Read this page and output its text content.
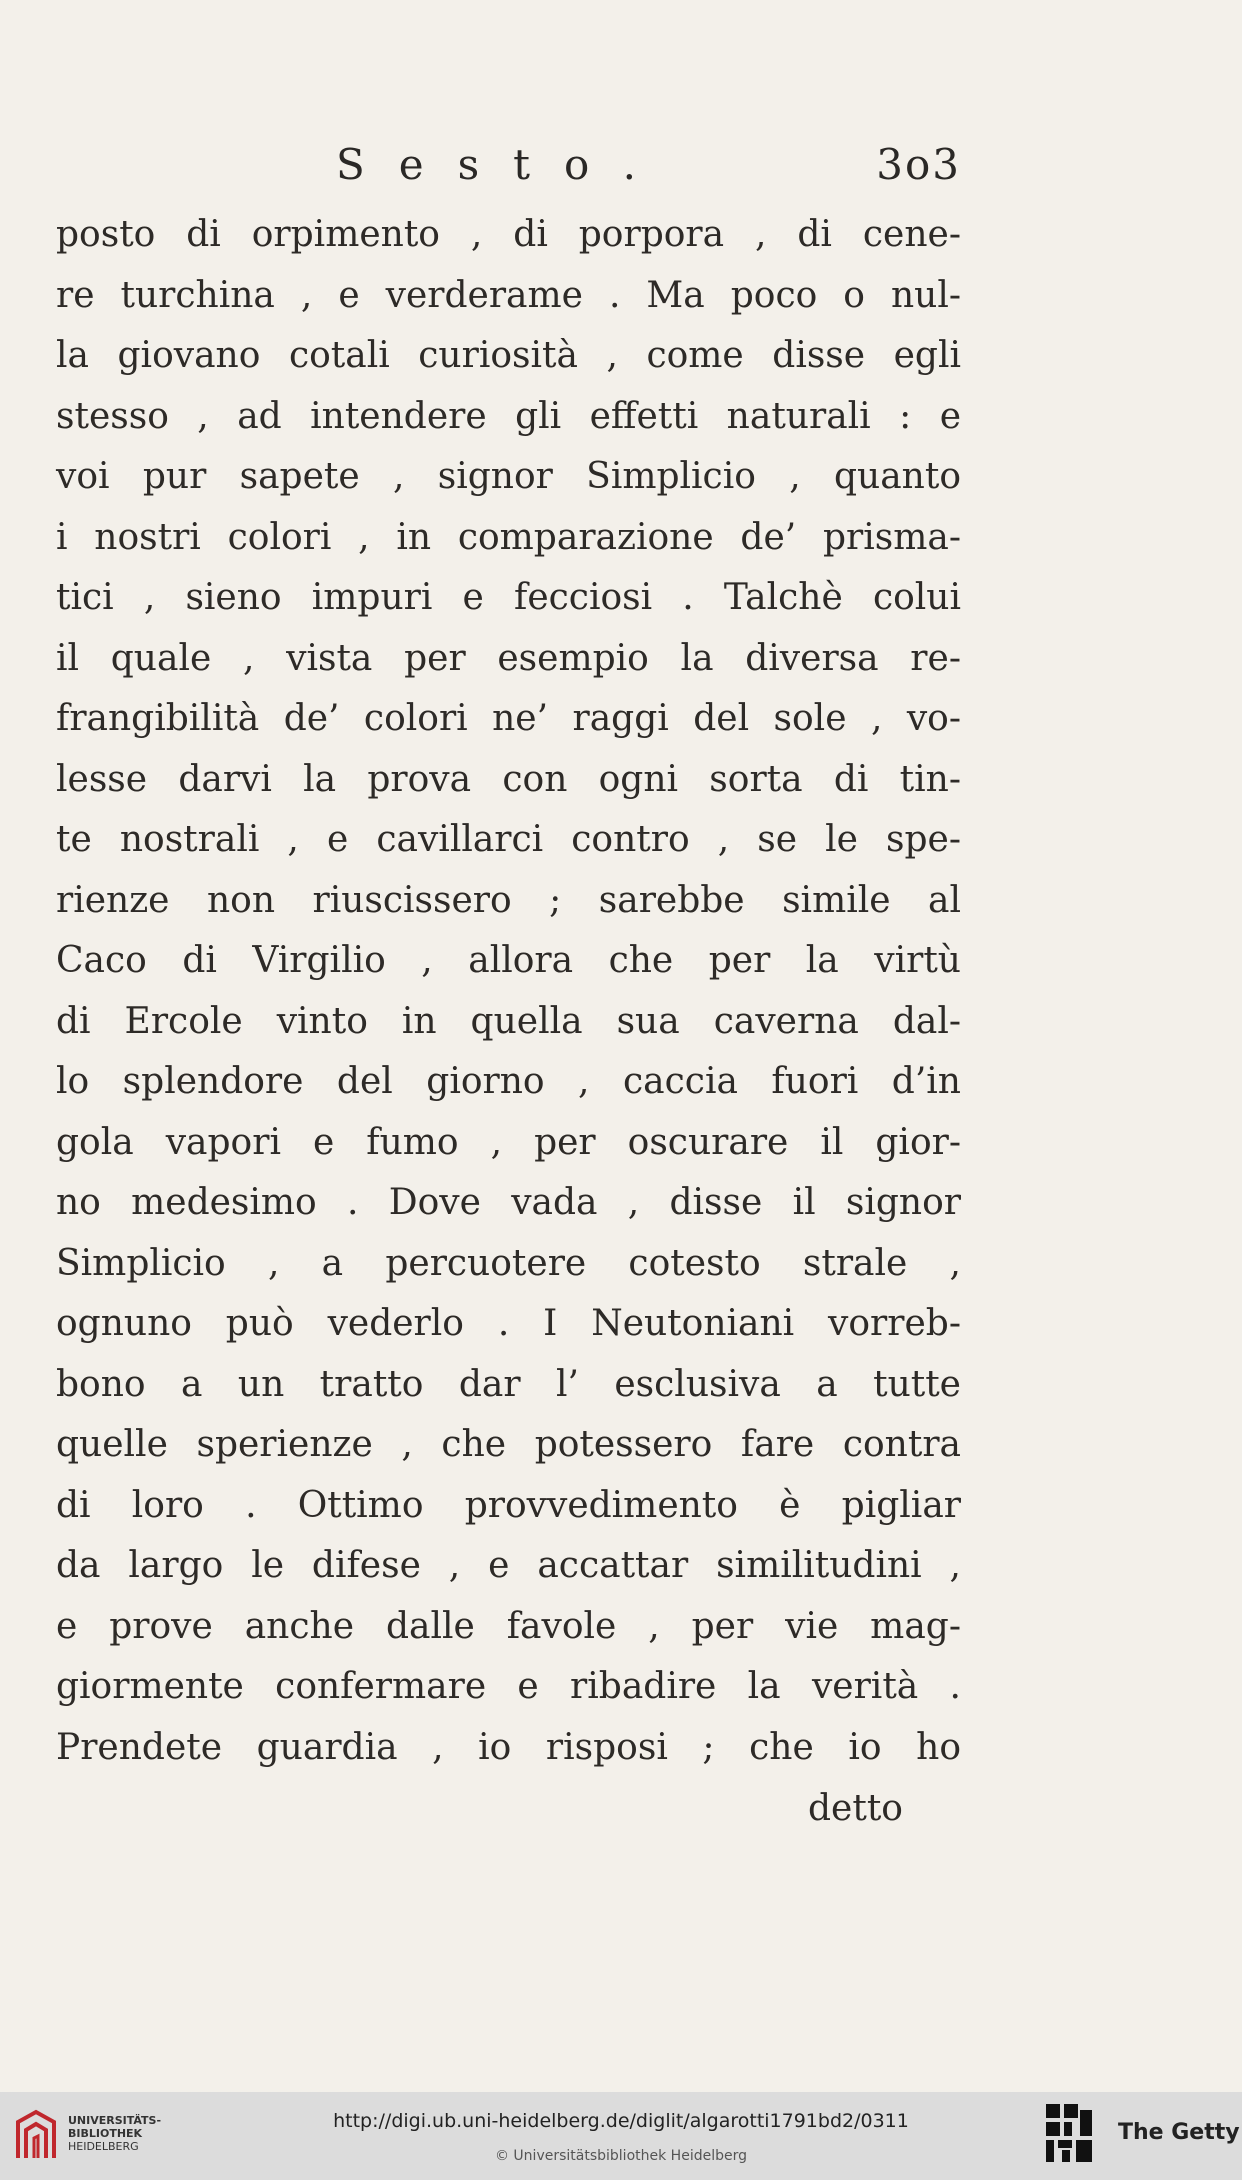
Sesto.	3o3
posto di orpimento , di porpora , di cene-
re turchina , e verderame . Ma poco o nul-
la giovano cotali curiosità , come disse egli
stesso , ad intendere gli effetti naturali : e
voi pur sapete , signor Simplicio , quanto
i nostri colori , in comparazione de’ prisma-
tici , sieno impuri e fecciosi . Talchè colui
il quale , vista per esempio la diversa re-
frangibilità de’ colori ne’ raggi del sole , vo-
lesse darvi la prova con ogni sorta di tin-
te nostrali , e cavillarci contro , se le spe-
rienze non riuscissero ; sarebbe simile al
Caco di Virgilio , allora che per la virtù
di Ercole vinto in quella sua caverna dal-
lo splendore del giorno , caccia fuori d’in
gola vapori e fumo , per oscurare il gior-
no medesimo . Dove vada , disse il signor
Simplicio , a percuotere cotesto strale ,
ognuno può vederlo . I Neutoniani vorreb-
bono a un tratto dar l’ esclusiva a tutte
quelle sperienze , che potessero fare contra
di loro . Ottimo provvedimento è pigliar
da largo le difese , e accattar similitudini ,
e prove anche dalle favole , per vie mag-
giormente confermare e ribadire la verità .
Prendete guardia , io risposi ; che io ho
detto
UNIVERSITÄTS-
BIBLIOTHEK
HEIDELBERG
http://digi.ub.uni-heidelberg.de/diglit/algarotti1791bd2/0311
© Universitätsbibliothek Heidelberg
The Getty
